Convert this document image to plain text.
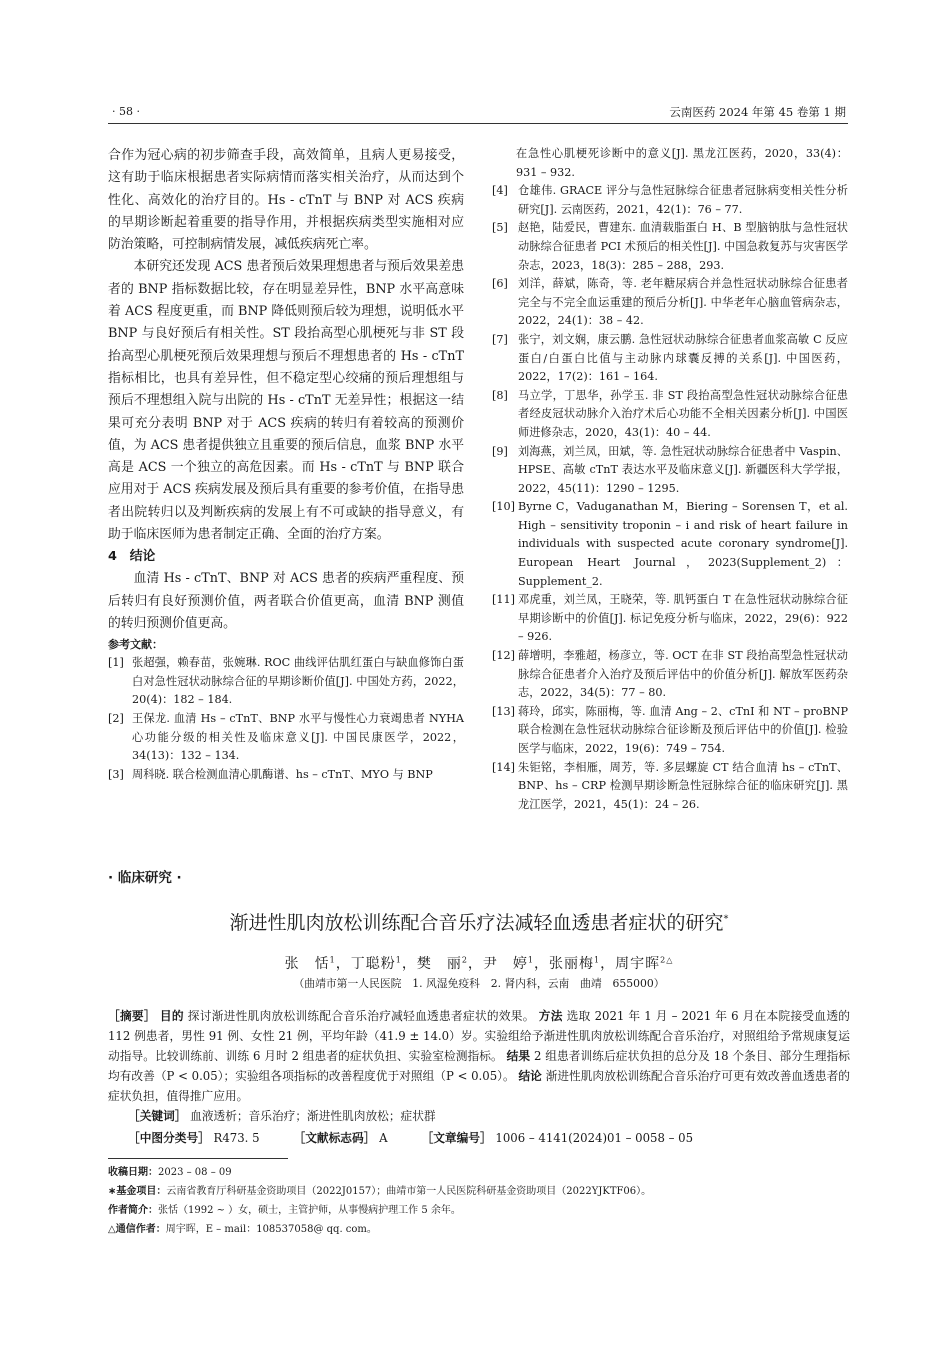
· 58 ·	云南医药 2024 年第 45 卷第 1 期

合作为冠心病的初步筛查手段，高效简单，且病人更易接受，这有助于临床根据患者实际病情而落实相关治疗，从而达到个性化、高效化的治疗目的。Hs - cTnT 与 BNP 对 ACS 疾病的早期诊断起着重要的指导作用，并根据疾病类型实施相对应防治策略，可控制病情发展，减低疾病死亡率。

本研究还发现 ACS 患者预后效果理想患者与预后效果差患者的 BNP 指标数据比较，存在明显差异性，BNP 水平高意味着 ACS 程度更重，而 BNP 降低则预后较为理想，说明低水平 BNP 与良好预后有相关性。ST 段抬高型心肌梗死与非 ST 段抬高型心肌梗死预后效果理想与预后不理想患者的 Hs - cTnT 指标相比，也具有差异性，但不稳定型心绞痛的预后理想组与预后不理想组入院与出院的 Hs - cTnT 无差异性；根据这一结果可充分表明 BNP 对于 ACS 疾病的转归有着较高的预测价值，为 ACS 患者提供独立且重要的预后信息，血浆 BNP 水平高是 ACS 一个独立的高危因素。而 Hs - cTnT 与 BNP 联合应用对于 ACS 疾病发展及预后具有重要的参考价值，在指导患者出院转归以及判断疾病的发展上有不可或缺的指导意义，有助于临床医师为患者制定正确、全面的治疗方案。

4　结论

血清 Hs - cTnT、BNP 对 ACS 患者的疾病严重程度、预后转归有良好预测价值，两者联合价值更高，血清 BNP 测值的转归预测价值更高。

参考文献：

[1] 张超强，赖春苗，张婉琳. ROC 曲线评估肌红蛋白与缺血修饰白蛋白对急性冠状动脉综合征的早期诊断价值[J]. 中国处方药，2022，20(4)：182 – 184.
[2] 王保龙. 血清 Hs – cTnT、BNP 水平与慢性心力衰竭患者 NYHA 心功能分级的相关性及临床意义[J]. 中国民康医学，2022，34(13)：132 – 134.
[3] 周科晓. 联合检测血清心肌酶谱、hs – cTnT、MYO 与 BNP

在急性心肌梗死诊断中的意义[J]. 黑龙江医药，2020，33(4)：931 – 932.

[4] 仓雄伟. GRACE 评分与急性冠脉综合征患者冠脉病变相关性分析研究[J]. 云南医药，2021，42(1)：76 – 77.
[5] 赵艳，陆爱民，曹建东. 血清载脂蛋白 H、B 型脑钠肽与急性冠状动脉综合征患者 PCI 术预后的相关性[J]. 中国急救复苏与灾害医学杂志，2023，18(3)：285 – 288，293.
[6] 刘洋，薛斌，陈奇，等. 老年糖尿病合并急性冠状动脉综合征患者完全与不完全血运重建的预后分析[J]. 中华老年心脑血管病杂志，2022，24(1)：38 – 42.
[7] 张宁，刘文娴，康云鹏. 急性冠状动脉综合征患者血浆高敏 C 反应蛋白/白蛋白比值与主动脉内球囊反搏的关系[J]. 中国医药，2022，17(2)：161 – 164.
[8] 马立学，丁思华，孙学玉. 非 ST 段抬高型急性冠状动脉综合征患者经皮冠状动脉介入治疗术后心功能不全相关因素分析[J]. 中国医师进修杂志，2020，43(1)：40 – 44.
[9] 刘海燕，刘兰凤，田斌，等. 急性冠状动脉综合征患者中 Vaspin、HPSE、高敏 cTnT 表达水平及临床意义[J]. 新疆医科大学学报，2022，45(11)：1290 – 1295.
[10] Byrne C，Vaduganathan M，Biering – Sorensen T，et al. High – sensitivity troponin – i and risk of heart failure in individuals with suspected acute coronary syndrome[J]. European Heart Journal，2023(Supplement_2)：Supplement_2.
[11] 邓虎重，刘兰凤，王晓荣，等. 肌钙蛋白 T 在急性冠状动脉综合征早期诊断中的价值[J]. 标记免疫分析与临床，2022，29(6)：922 – 926.
[12] 薛增明，李雅超，杨彦立，等. OCT 在非 ST 段抬高型急性冠状动脉综合征患者介入治疗及预后评估中的价值分析[J]. 解放军医药杂志，2022，34(5)：77 – 80.
[13] 蒋玲，邱实，陈丽梅，等. 血清 Ang – 2、cTnI 和 NT – proBNP 联合检测在急性冠状动脉综合征诊断及预后评估中的价值[J]. 检验医学与临床，2022，19(6)：749 – 754.
[14] 朱钜铭，李相雁，周芳，等. 多层螺旋 CT 结合血清 hs – cTnT、BNP、hs – CRP 检测早期诊断急性冠脉综合征的临床研究[J]. 黑龙江医学，2021，45(1)：24 – 26.
· 临床研究 ·
渐进性肌肉放松训练配合音乐疗法减轻血透患者症状的研究*
张　恬$^1$，丁聪粉$^1$，樊　丽$^2$，尹　婷$^1$，张丽梅$^1$，周宇晖$^{2\triangle}$
（曲靖市第一人民医院　1. 风湿免疫科　2. 肾内科，云南　曲靖　655000）
［摘要］ 目的 探讨渐进性肌肉放松训练配合音乐治疗减轻血透患者症状的效果。 方法 选取 2021 年 1 月 – 2021 年 6 月在本院接受血透的 112 例患者，男性 91 例、女性 21 例，平均年龄（41.9 ± 14.0）岁。实验组给予渐进性肌肉放松训练配合音乐治疗，对照组给予常规康复运动指导。比较训练前、训练 6 月时 2 组患者的症状负担、实验室检测指标。 结果 2 组患者训练后症状负担的总分及 18 个条目、部分生理指标均有改善（P < 0.05）；实验组各项指标的改善程度优于对照组（P < 0.05）。 结论 渐进性肌肉放松训练配合音乐治疗可更有效改善血透患者的症状负担，值得推广应用。
［关键词］ 血液透析；音乐治疗；渐进性肌肉放松；症状群
［中图分类号］ R473. 5	［文献标志码］ A	［文章编号］ 1006 – 4141(2024)01 – 0058 – 05
收稿日期：2023 – 08 – 09
∗基金项目：云南省教育厅科研基金资助项目（2022J0157）；曲靖市第一人民医院科研基金资助项目（2022YJKTF06）。
作者简介：张恬（1992 ~ ）女，硕士，主管护师，从事慢病护理工作 5 余年。
△通信作者：周宇晖，E – mail：108537058@ qq. com。
